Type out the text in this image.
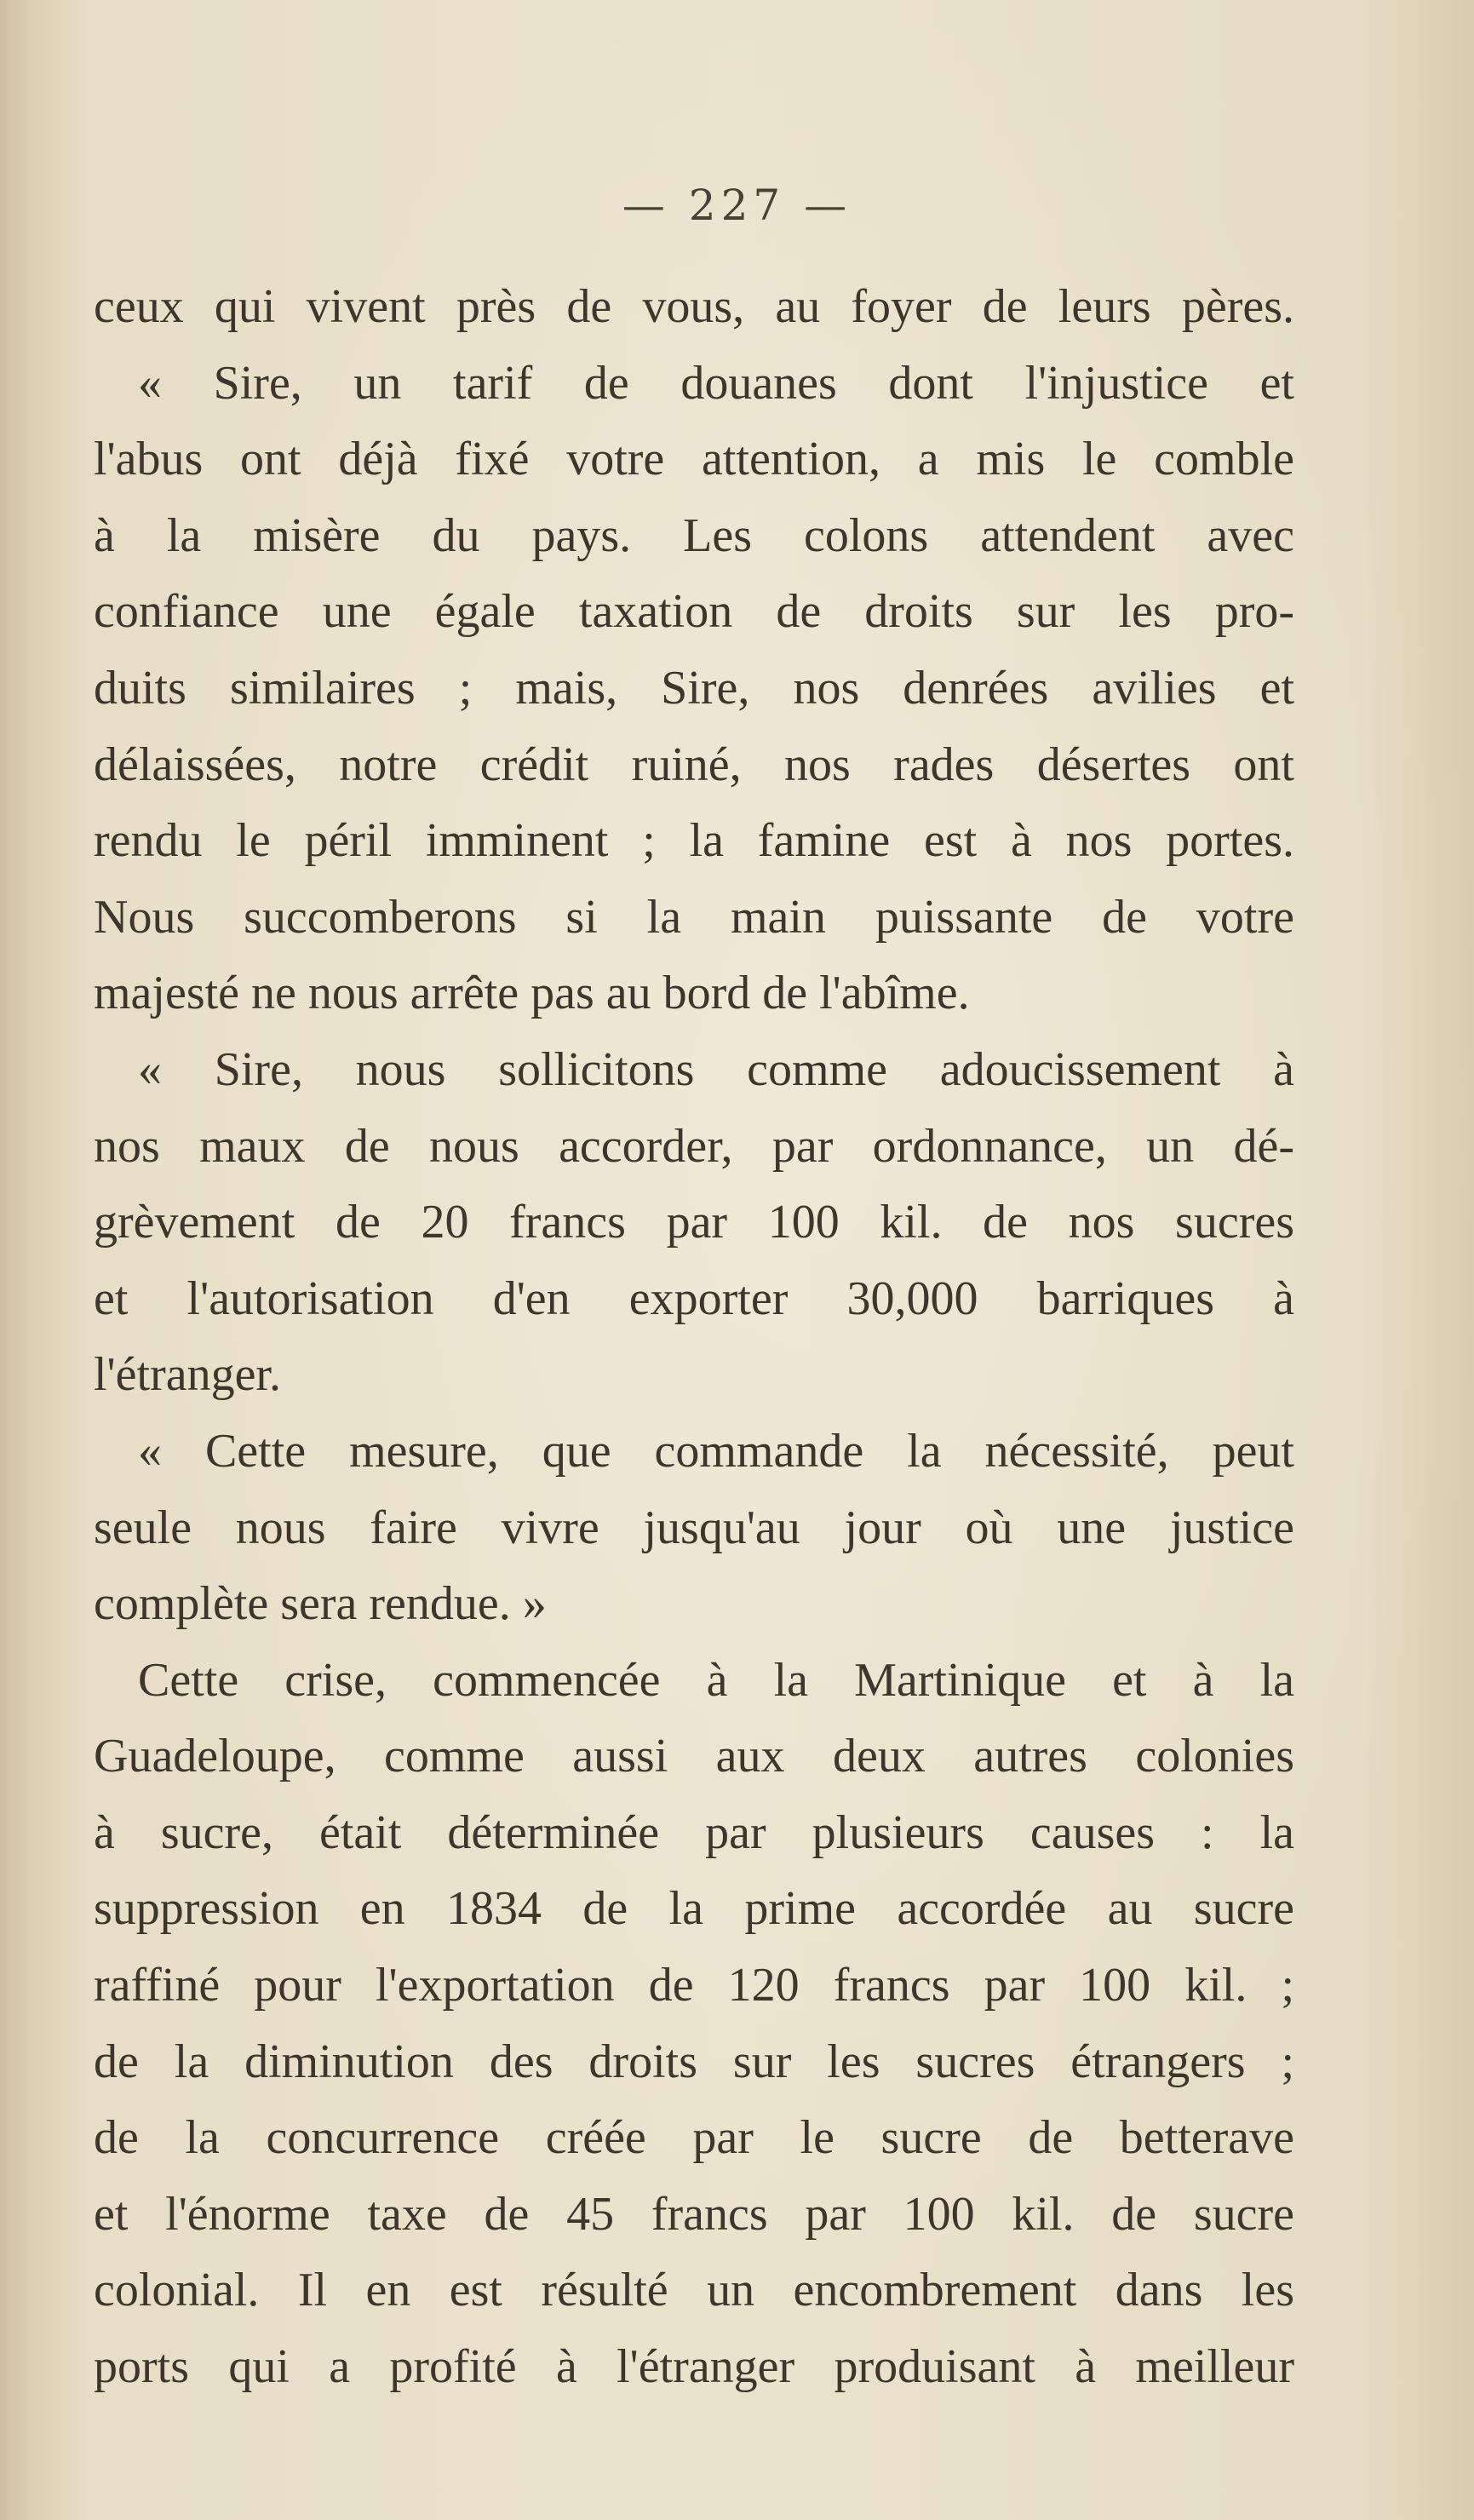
— 227 —
ceux qui vivent près de vous, au foyer de leurs pères.
« Sire, un tarif de douanes dont l'injustice et
l'abus ont déjà fixé votre attention, a mis le comble
à la misère du pays. Les colons attendent avec
confiance une égale taxation de droits sur les pro-
duits similaires ; mais, Sire, nos denrées avilies et
délaissées, notre crédit ruiné, nos rades désertes ont
rendu le péril imminent ; la famine est à nos portes.
Nous succomberons si la main puissante de votre
majesté ne nous arrête pas au bord de l'abîme.
« Sire, nous sollicitons comme adoucissement à
nos maux de nous accorder, par ordonnance, un dé-
grèvement de 20 francs par 100 kil. de nos sucres
et l'autorisation d'en exporter 30,000 barriques à
l'étranger.
« Cette mesure, que commande la nécessité, peut
seule nous faire vivre jusqu'au jour où une justice
complète sera rendue. »
Cette crise, commencée à la Martinique et à la
Guadeloupe, comme aussi aux deux autres colonies
à sucre, était déterminée par plusieurs causes : la
suppression en 1834 de la prime accordée au sucre
raffiné pour l'exportation de 120 francs par 100 kil. ;
de la diminution des droits sur les sucres étrangers ;
de la concurrence créée par le sucre de betterave
et l'énorme taxe de 45 francs par 100 kil. de sucre
colonial. Il en est résulté un encombrement dans les
ports qui a profité à l'étranger produisant à meilleur
